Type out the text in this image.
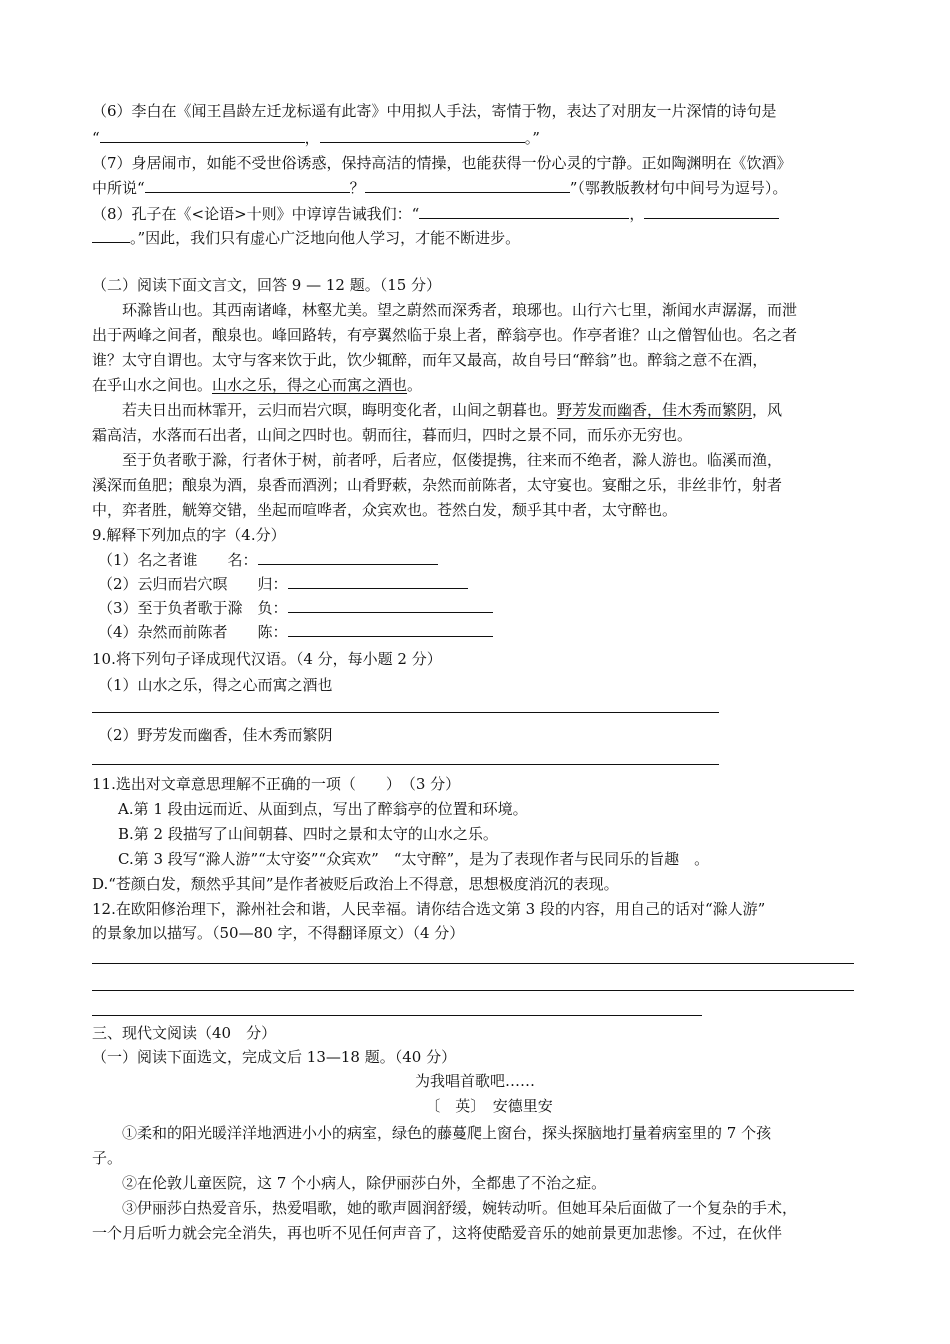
（6）李白在《闻王昌龄左迁龙标遥有此寄》中用拟人手法，寄情于物，表达了对朋友一片深情的诗句是
“	，	。”
（7）身居闹市，如能不受世俗诱惑，保持高洁的情操，也能获得一份心灵的宁静。正如陶渊明在《饮酒》
中所说“	？	”（鄂教版教材句中间号为逗号）。
（8）孔子在《<论语>十则》中谆谆告诫我们：“	，
。”因此，我们只有虚心广泛地向他人学习，才能不断进步。
（二）阅读下面文言文，回答 9 — 12 题。（15 分）
环滁皆山也。其西南诸峰，林壑尤美。望之蔚然而深秀者，琅琊也。山行六七里，渐闻水声潺潺，而泄
出于两峰之间者，酿泉也。峰回路转，有亭翼然临于泉上者，醉翁亭也。作亭者谁？山之僧智仙也。名之者
谁？太守自谓也。太守与客来饮于此，饮少辄醉，而年又最高，故自号曰“醉翁”也。醉翁之意不在酒，
在乎山水之间也。山水之乐，得之心而寓之酒也。
若夫日出而林霏开，云归而岩穴暝，晦明变化者，山间之朝暮也。野芳发而幽香，佳木秀而繁阴，风
霜高洁，水落而石出者，山间之四时也。朝而往，暮而归，四时之景不同，而乐亦无穷也。
至于负者歌于滁，行者休于树，前者呼，后者应，伛偻提携，往来而不绝者，滁人游也。临溪而渔，
溪深而鱼肥；酿泉为酒，泉香而酒洌；山肴野蔌，杂然而前陈者，太守宴也。宴酣之乐，非丝非竹，射者
中，弈者胜，觥筹交错，坐起而喧哗者，众宾欢也。苍然白发，颓乎其中者，太守醉也。
9.解释下列加点的字（4.分）
（1）名之者谁　　名：
（2）云归而岩穴暝　　归：
（3）至于负者歌于滁　负：
（4）杂然而前陈者　　陈：
10.将下列句子译成现代汉语。（4 分，每小题 2 分）
（1）山水之乐，得之心而寓之酒也
（2）野芳发而幽香，佳木秀而繁阴
11.选出对文章意思理解不正确的一项（　　）　（3 分）
A.第 1 段由远而近、从面到点，写出了醉翁亭的位置和环境。
B.第 2 段描写了山间朝暮、四时之景和太守的山水之乐。
C.第 3 段写“滁人游”“太守姿”“众宾欢”　“太守醉”，是为了表现作者与民同乐的旨趣　。
D.“苍颜白发，颓然乎其间”是作者被贬后政治上不得意，思想极度消沉的表现。
12.在欧阳修治理下，滁州社会和谐，人民幸福。请你结合选文第 3 段的内容，用自己的话对“滁人游”
的景象加以描写。（50—80 字，不得翻译原文）（4 分）
三、现代文阅读（40　分）
（一）阅读下面选文，完成文后 13—18 题。（40 分）
为我唱首歌吧……
〔　英〕　安德里安
①柔和的阳光暖洋洋地洒进小小的病室，绿色的藤蔓爬上窗台，探头探脑地打量着病室里的 7 个孩
子。
②在伦敦儿童医院，这 7 个小病人，除伊丽莎白外，全都患了不治之症。
③伊丽莎白热爱音乐，热爱唱歌，她的歌声圆润舒缓，婉转动听。但她耳朵后面做了一个复杂的手术，
一个月后听力就会完全消失，再也听不见任何声音了，这将使酷爱音乐的她前景更加悲惨。不过，在伙伴
